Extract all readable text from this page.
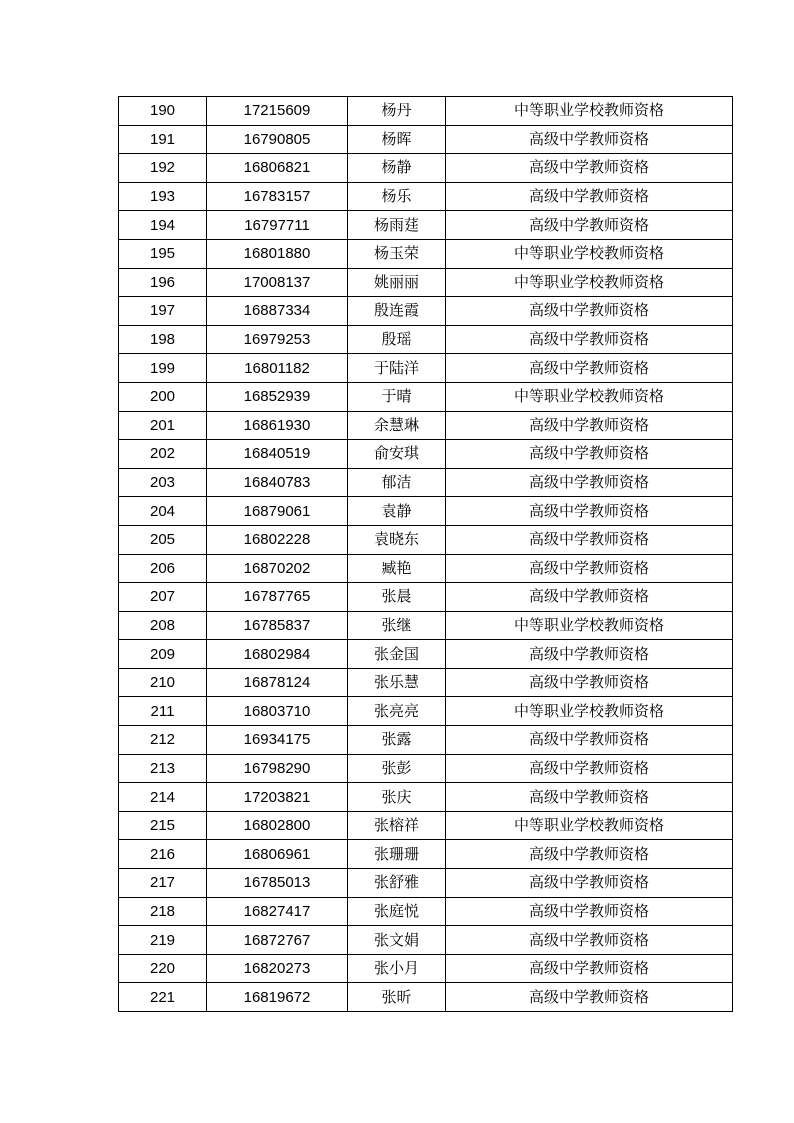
190	17215609	杨丹	中等职业学校教师资格
191	16790805	杨晖	高级中学教师资格
192	16806821	杨静	高级中学教师资格
193	16783157	杨乐	高级中学教师资格
194	16797711	杨雨莛	高级中学教师资格
195	16801880	杨玉荣	中等职业学校教师资格
196	17008137	姚丽丽	中等职业学校教师资格
197	16887334	殷连霞	高级中学教师资格
198	16979253	殷瑶	高级中学教师资格
199	16801182	于陆洋	高级中学教师资格
200	16852939	于晴	中等职业学校教师资格
201	16861930	余慧琳	高级中学教师资格
202	16840519	俞安琪	高级中学教师资格
203	16840783	郁洁	高级中学教师资格
204	16879061	袁静	高级中学教师资格
205	16802228	袁晓东	高级中学教师资格
206	16870202	臧艳	高级中学教师资格
207	16787765	张晨	高级中学教师资格
208	16785837	张继	中等职业学校教师资格
209	16802984	张金国	高级中学教师资格
210	16878124	张乐慧	高级中学教师资格
211	16803710	张亮亮	中等职业学校教师资格
212	16934175	张露	高级中学教师资格
213	16798290	张彭	高级中学教师资格
214	17203821	张庆	高级中学教师资格
215	16802800	张榕祥	中等职业学校教师资格
216	16806961	张珊珊	高级中学教师资格
217	16785013	张舒雅	高级中学教师资格
218	16827417	张庭悦	高级中学教师资格
219	16872767	张文娟	高级中学教师资格
220	16820273	张小月	高级中学教师资格
221	16819672	张昕	高级中学教师资格
